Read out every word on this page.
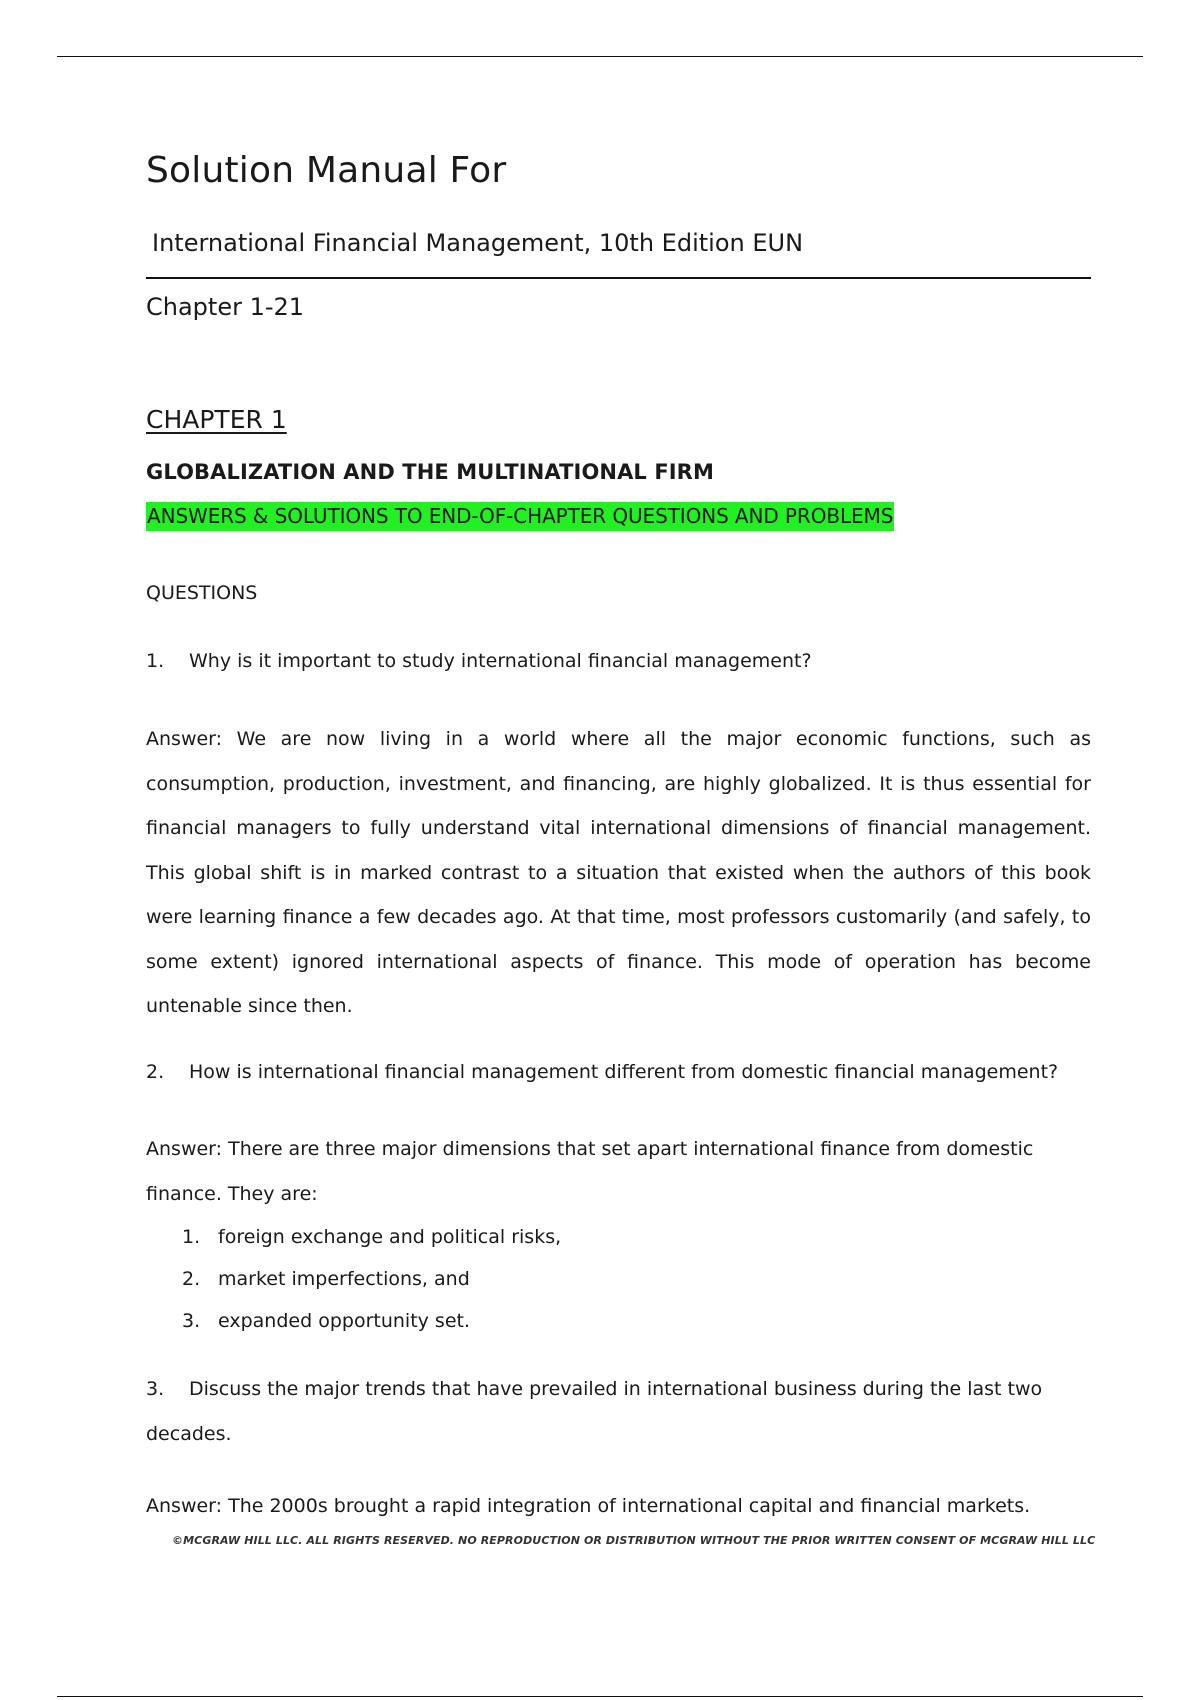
Solution Manual For
International Financial Management, 10th Edition EUN
Chapter 1-21
CHAPTER 1
GLOBALIZATION AND THE MULTINATIONAL FIRM
ANSWERS & SOLUTIONS TO END-OF-CHAPTER QUESTIONS AND PROBLEMS
QUESTIONS
1. Why is it important to study international financial management?

Answer: We are now living in a world where all the major economic functions, such as consumption, production, investment, and financing, are highly globalized. It is thus essential for financial managers to fully understand vital international dimensions of financial management. This global shift is in marked contrast to a situation that existed when the authors of this book were learning finance a few decades ago. At that time, most professors customarily (and safely, to some extent) ignored international aspects of finance. This mode of operation has become untenable since then.

2. How is international financial management different from domestic financial management?

Answer: There are three major dimensions that set apart international finance from domestic finance. They are:

1. foreign exchange and political risks,
2. market imperfections, and
3. expanded opportunity set.
3. Discuss the major trends that have prevailed in international business during the last two
decades.
Answer: The 2000s brought a rapid integration of international capital and financial markets.
©MCGRAW HILL LLC. ALL RIGHTS RESERVED. NO REPRODUCTION OR DISTRIBUTION WITHOUT THE PRIOR WRITTEN CONSENT OF MCGRAW HILL LLC
